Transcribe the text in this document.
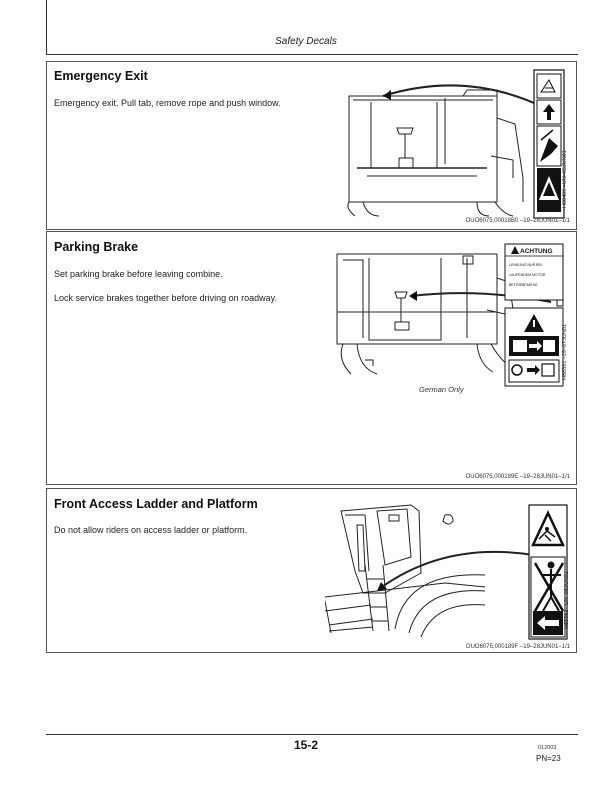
Safety Decals
Emergency Exit
Emergency exit. Pull tab, remove rope and push window.
H68409 –UN–05JUN01
OUO6075,00018B0 –19–28JUN01–1/1
Parking Brake
Set parking brake before leaving combine.
Lock service brakes together before driving on roadway.
ACHTUNG
LENKUNG NUR BEI
LAUFENDEM MOTOR
BETRIEBFAEHIG
H68391 –29–07JUN01
German Only
OUO6075,000189E –19–28JUN01–1/1
Front Access Ladder and Platform
Do not allow riders on access ladder or platform.
H68392 –UN–06JUN01
OUO6075,000189F –19–28JUN01–1/1
15-2	012003
PN=23
